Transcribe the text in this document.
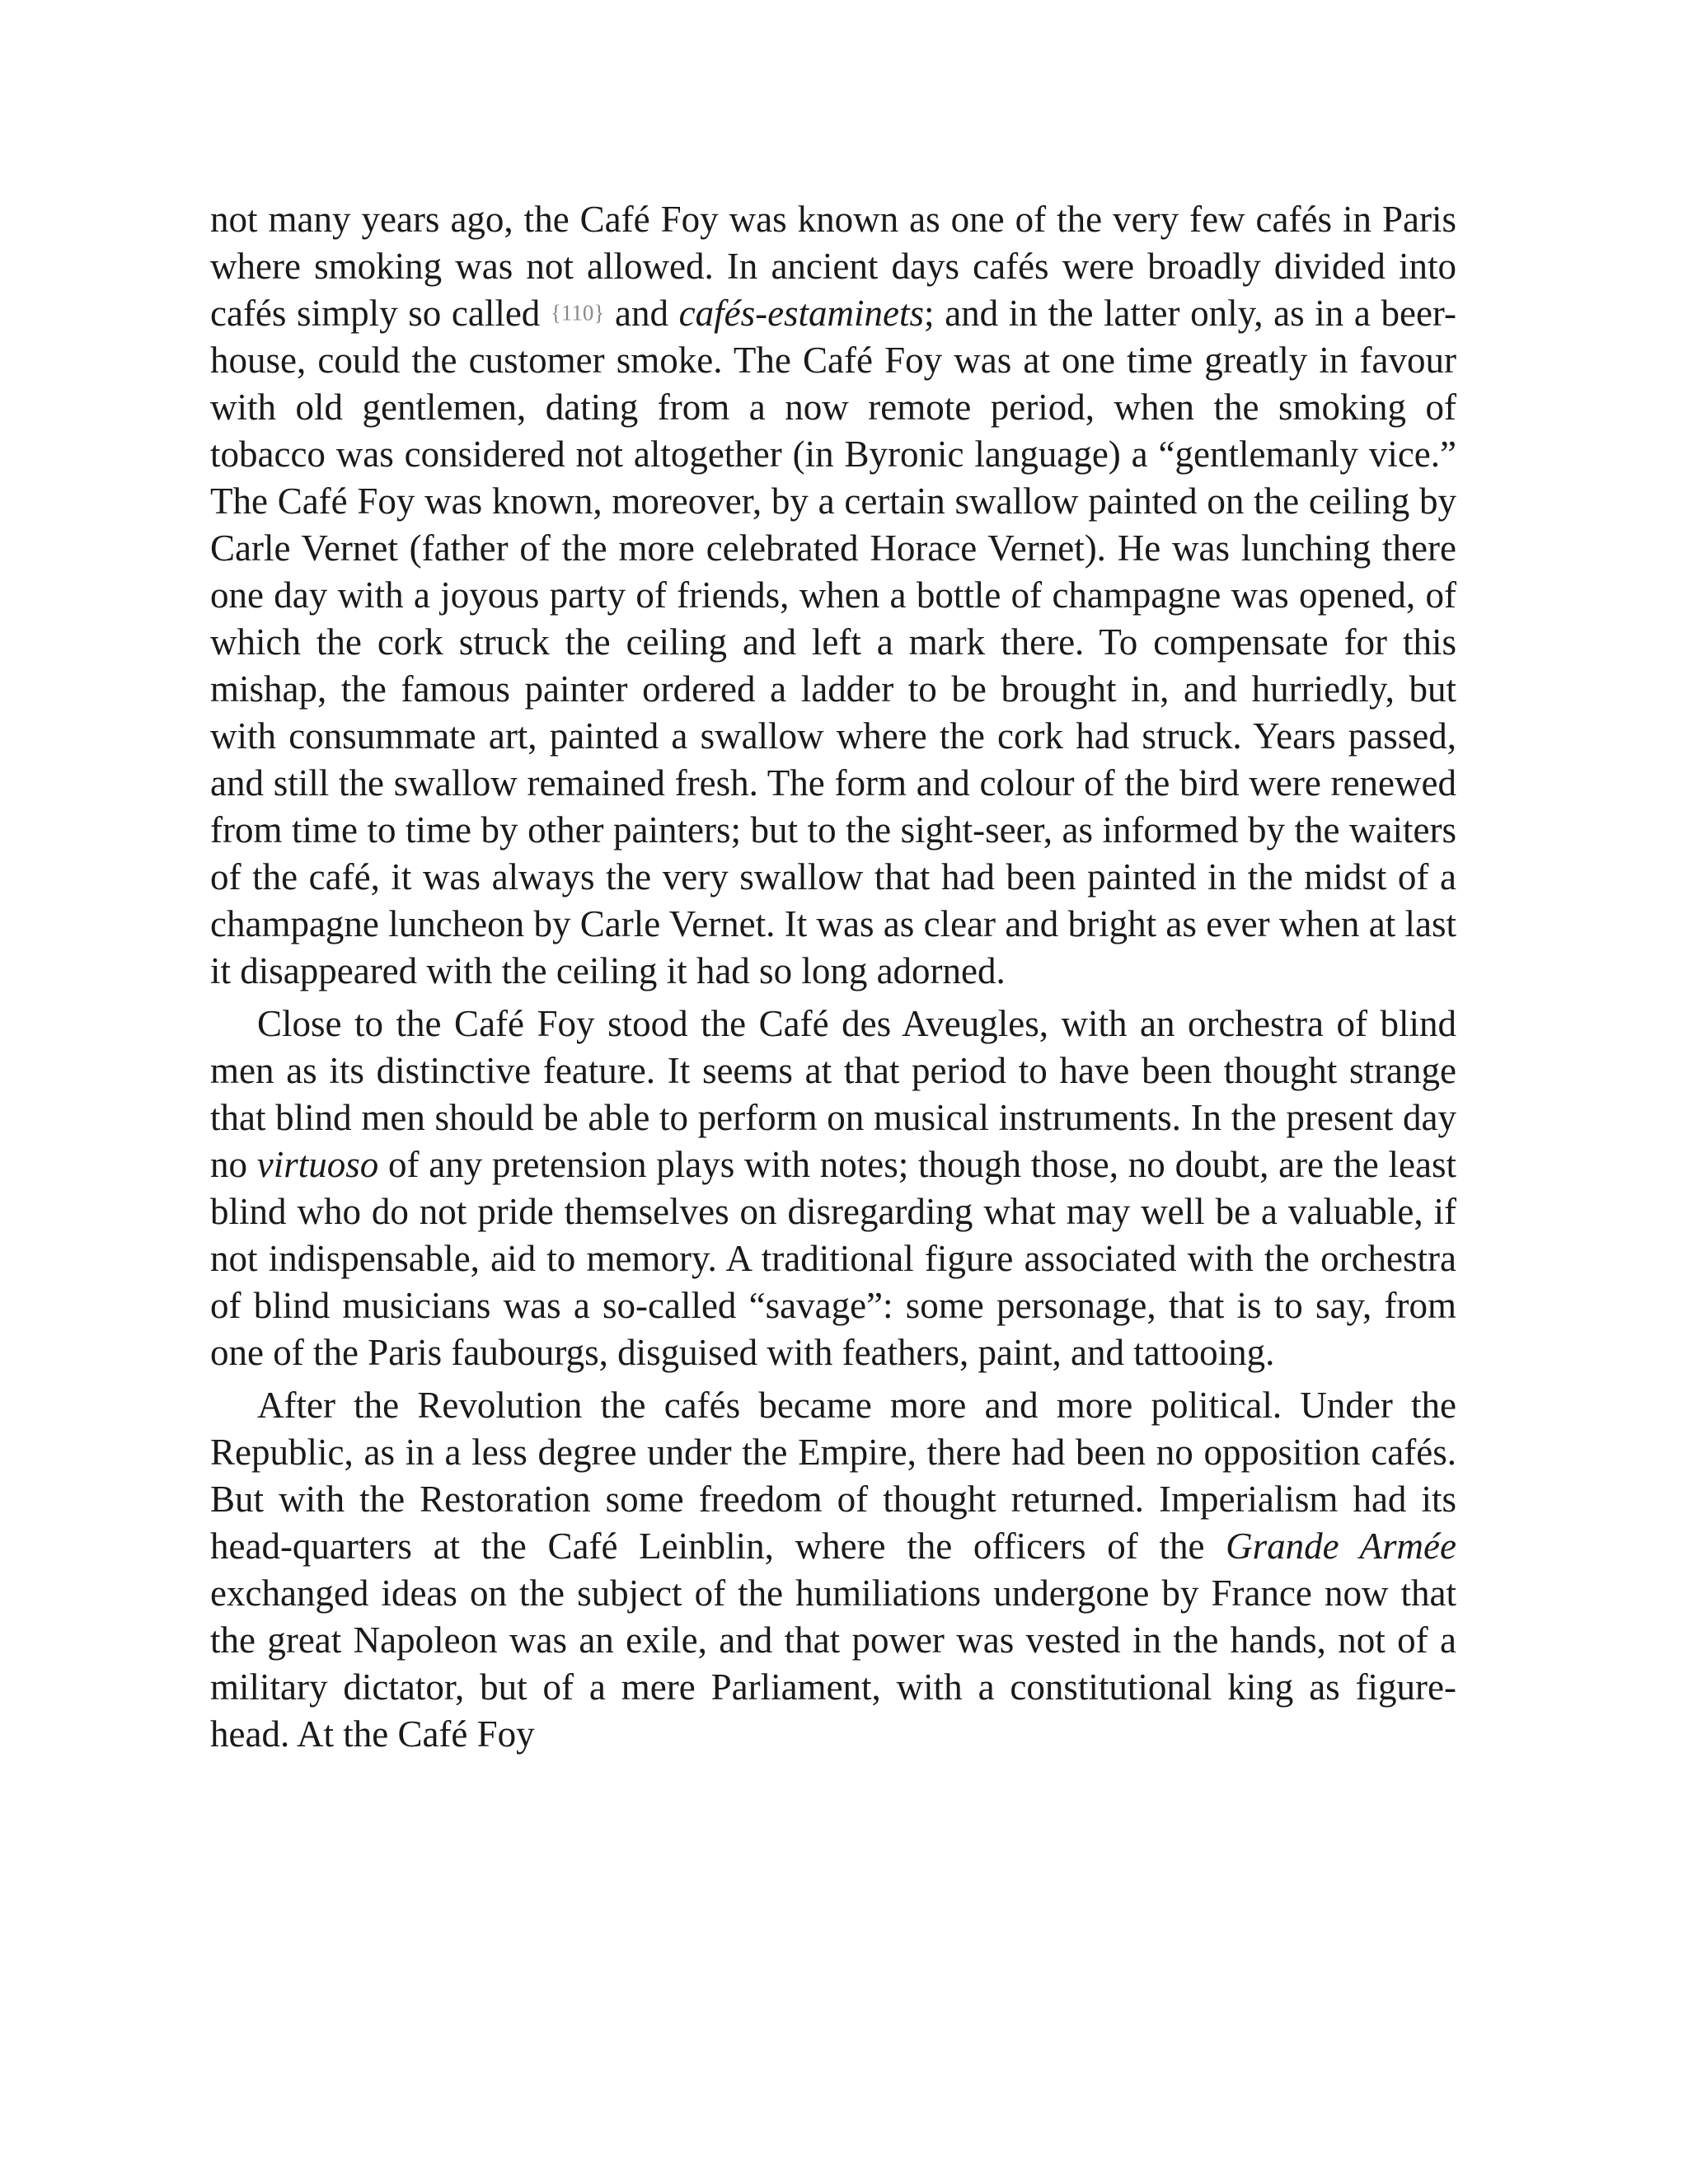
not many years ago, the Café Foy was known as one of the very few cafés in Paris where smoking was not allowed. In ancient days cafés were broadly divided into cafés simply so called {110} and cafés-estaminets; and in the latter only, as in a beer-house, could the customer smoke. The Café Foy was at one time greatly in favour with old gentlemen, dating from a now remote period, when the smoking of tobacco was considered not altogether (in Byronic language) a “gentlemanly vice.” The Café Foy was known, moreover, by a certain swallow painted on the ceiling by Carle Vernet (father of the more celebrated Horace Vernet). He was lunching there one day with a joyous party of friends, when a bottle of champagne was opened, of which the cork struck the ceiling and left a mark there. To compensate for this mishap, the famous painter ordered a ladder to be brought in, and hurriedly, but with consummate art, painted a swallow where the cork had struck. Years passed, and still the swallow remained fresh. The form and colour of the bird were renewed from time to time by other painters; but to the sight-seer, as informed by the waiters of the café, it was always the very swallow that had been painted in the midst of a champagne luncheon by Carle Vernet. It was as clear and bright as ever when at last it disappeared with the ceiling it had so long adorned.

Close to the Café Foy stood the Café des Aveugles, with an orchestra of blind men as its distinctive feature. It seems at that period to have been thought strange that blind men should be able to perform on musical instruments. In the present day no virtuoso of any pretension plays with notes; though those, no doubt, are the least blind who do not pride themselves on disregarding what may well be a valuable, if not indispensable, aid to memory. A traditional figure associated with the orchestra of blind musicians was a so-called “savage”: some personage, that is to say, from one of the Paris faubourgs, disguised with feathers, paint, and tattooing.

After the Revolution the cafés became more and more political. Under the Republic, as in a less degree under the Empire, there had been no opposition cafés. But with the Restoration some freedom of thought returned. Imperialism had its head-quarters at the Café Leinblin, where the officers of the Grande Armée exchanged ideas on the subject of the humiliations undergone by France now that the great Napoleon was an exile, and that power was vested in the hands, not of a military dictator, but of a mere Parliament, with a constitutional king as figure-head. At the Café Foy
